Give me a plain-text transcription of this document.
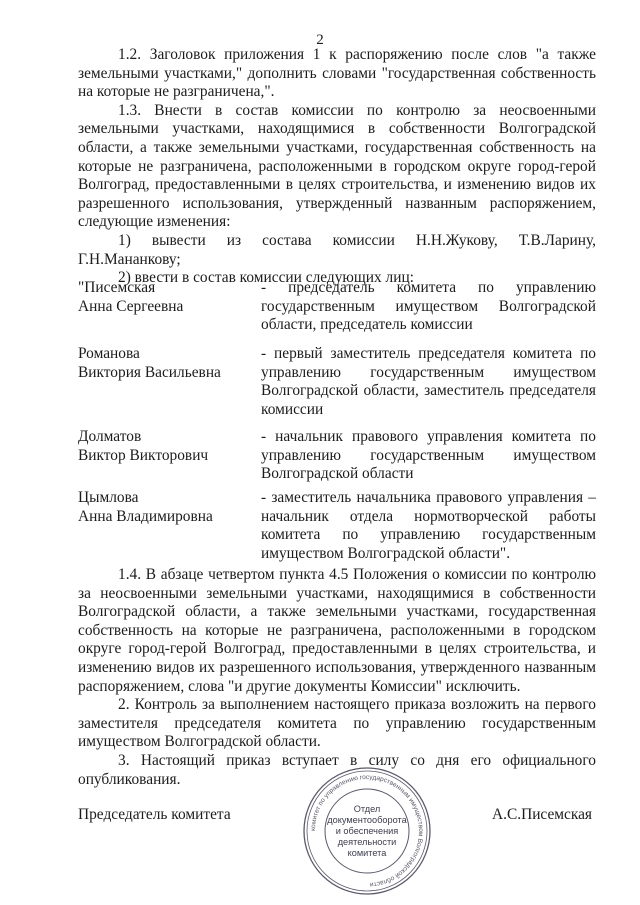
2

1.2. Заголовок приложения 1 к распоряжению после слов "а также земельными участками," дополнить словами "государственная собственность на которые не разграничена,".

1.3. Внести в состав комиссии по контролю за неосвоенными земельными участками, находящимися в собственности Волгоградской области, а также земельными участками, государственная собственность на которые не разграничена, расположенными в городском округе город-герой Волгоград, предоставленными в целях строительства, и изменению видов их разрешенного использования, утвержденный названным распоряжением, следующие изменения:

1) вывести из состава комиссии Н.Н.Жукову, Т.В.Ларину, Г.Н.Мананкову;

2) ввести в состав комиссии следующих лиц:

"Писемская
Анна Сергеевна
- председатель комитета по управлению государственным имуществом Волгоградской области, председатель комиссии
Романова
Виктория Васильевна
- первый заместитель председателя комитета по управлению государственным имуществом Волгоградской области, заместитель председателя комиссии
Долматов
Виктор Викторович
- начальник правового управления комитета по управлению государственным имуществом Волгоградской области
Цымлова
Анна Владимировна
- заместитель начальника правового управления – начальник отдела нормотворческой работы комитета по управлению государственным имуществом Волгоградской области".

1.4. В абзаце четвертом пункта 4.5 Положения о комиссии по контролю за неосвоенными земельными участками, находящимися в собственности Волгоградской области, а также земельными участками, государственная собственность на которые не разграничена, расположенными в городском округе город-герой Волгоград, предоставленными в целях строительства, и изменению видов их разрешенного использования, утвержденного названным распоряжением, слова "и другие документы Комиссии" исключить.

2. Контроль за выполнением настоящего приказа возложить на первого заместителя председателя комитета по управлению государственным имуществом Волгоградской области.

3. Настоящий приказ вступает в силу со дня его официального опубликования.

Председатель комитета	А.С.Писемская
комитет по управлению государственным имуществом Волгоградской области
Отдел
документооборота
и обеспечения
деятельности
комитета
